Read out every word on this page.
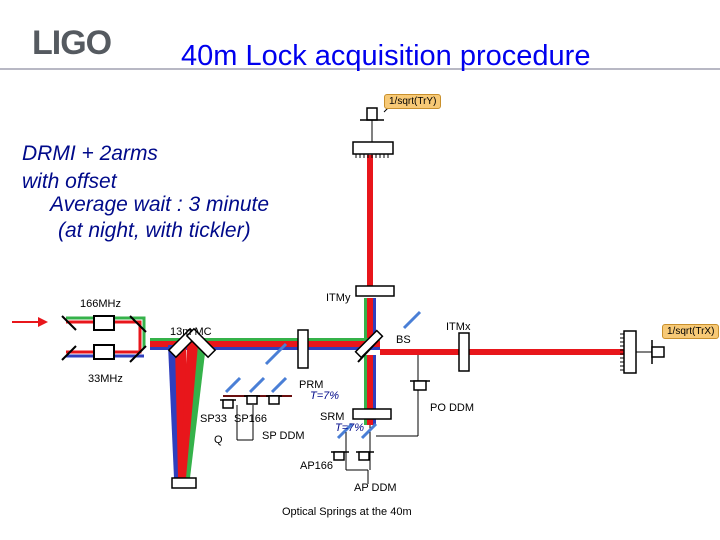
LIGO 40m Lock acquisition procedure
DRMI + 2arms
with offset
Average wait : 3 minute
(at night, with tickler)
1/sqrt(TrY)
1/sqrt(TrX)
166MHz
33MHz
13m MC
ITMy
ITMx
BS
PRM
T=7%
SRM
T=7%
PO DDM
SP33 SP166
Q
I SP DDM
AP166
AP DDM
Optical Springs at the 40m
